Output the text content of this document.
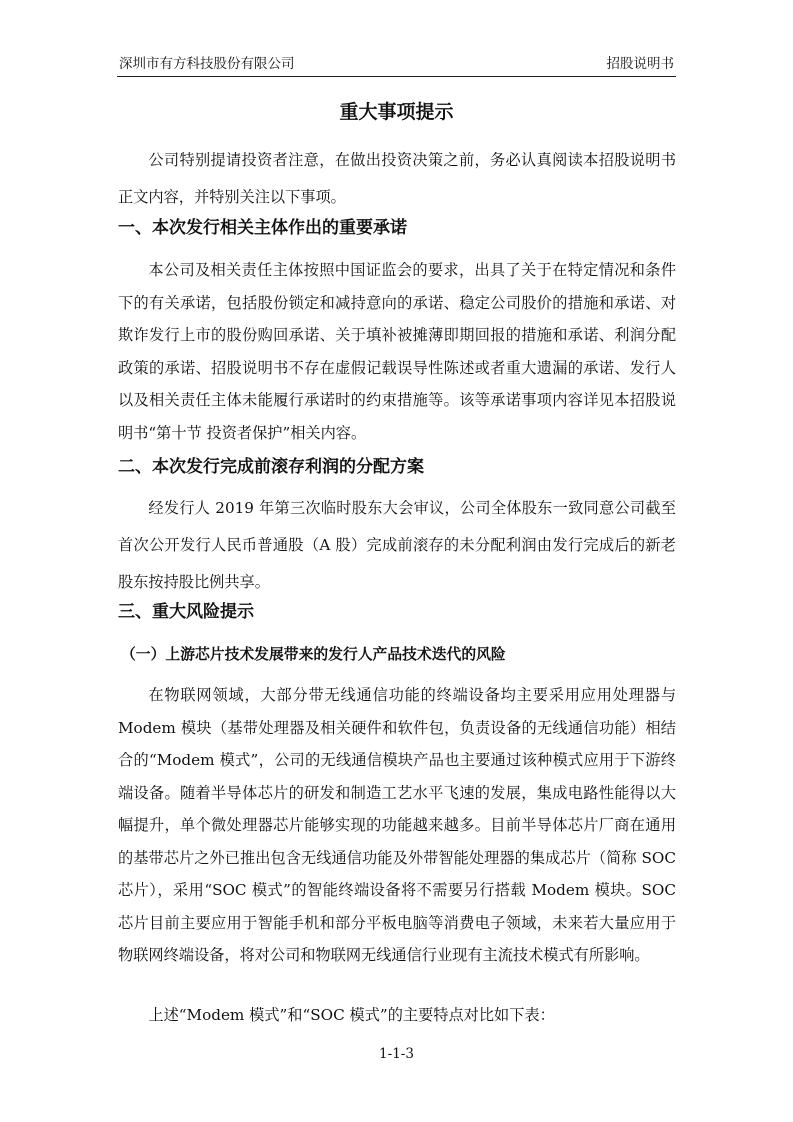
深圳市有方科技股份有限公司	招股说明书
重大事项提示

公司特别提请投资者注意，在做出投资决策之前，务必认真阅读本招股说明书正文内容，并特别关注以下事项。

一、本次发行相关主体作出的重要承诺

本公司及相关责任主体按照中国证监会的要求，出具了关于在特定情况和条件下的有关承诺，包括股份锁定和减持意向的承诺、稳定公司股价的措施和承诺、对欺诈发行上市的股份购回承诺、关于填补被摊薄即期回报的措施和承诺、利润分配政策的承诺、招股说明书不存在虚假记载误导性陈述或者重大遗漏的承诺、发行人以及相关责任主体未能履行承诺时的约束措施等。该等承诺事项内容详见本招股说明书“第十节 投资者保护”相关内容。

二、本次发行完成前滚存利润的分配方案

经发行人 2019 年第三次临时股东大会审议，公司全体股东一致同意公司截至首次公开发行人民币普通股（A 股）完成前滚存的未分配利润由发行完成后的新老股东按持股比例共享。

三、重大风险提示
（一）上游芯片技术发展带来的发行人产品技术迭代的风险

在物联网领域，大部分带无线通信功能的终端设备均主要采用应用处理器与 Modem 模块（基带处理器及相关硬件和软件包，负责设备的无线通信功能）相结合的“Modem 模式”，公司的无线通信模块产品也主要通过该种模式应用于下游终端设备。随着半导体芯片的研发和制造工艺水平飞速的发展，集成电路性能得以大幅提升，单个微处理器芯片能够实现的功能越来越多。目前半导体芯片厂商在通用的基带芯片之外已推出包含无线通信功能及外带智能处理器的集成芯片（简称 SOC 芯片），采用“SOC 模式”的智能终端设备将不需要另行搭载 Modem 模块。SOC 芯片目前主要应用于智能手机和部分平板电脑等消费电子领域，未来若大量应用于物联网终端设备，将对公司和物联网无线通信行业现有主流技术模式有所影响。

上述“Modem 模式”和“SOC 模式”的主要特点对比如下表：

1-1-3
